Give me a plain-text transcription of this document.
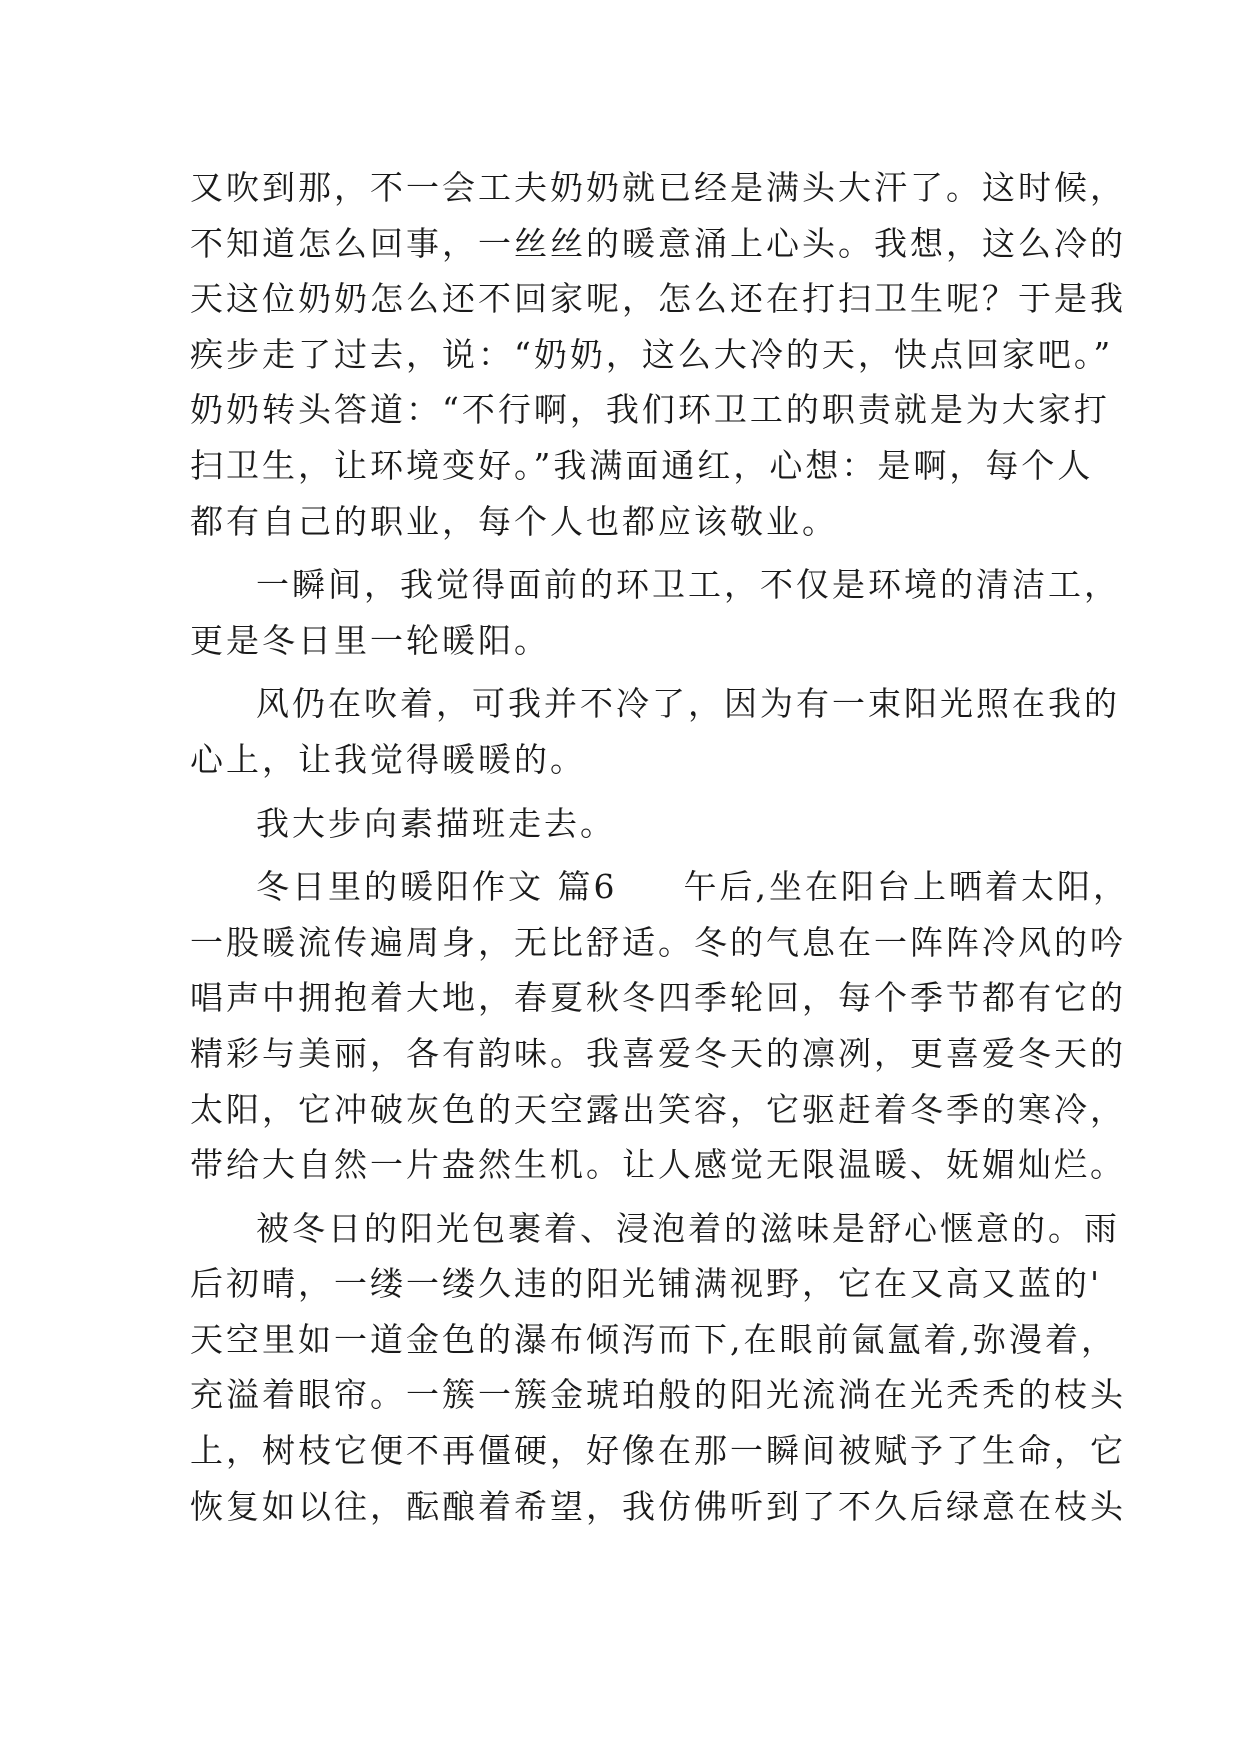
又吹到那，不一会工夫奶奶就已经是满头大汗了。这时候，
不知道怎么回事，一丝丝的暖意涌上心头。我想，这么冷的
天这位奶奶怎么还不回家呢，怎么还在打扫卫生呢？于是我
疾步走了过去，说：“奶奶，这么大冷的天，快点回家吧。”
奶奶转头答道：“不行啊，我们环卫工的职责就是为大家打
扫卫生，让环境变好。”我满面通红，心想：是啊，每个人
都有自己的职业，每个人也都应该敬业。
一瞬间，我觉得面前的环卫工，不仅是环境的清洁工，
更是冬日里一轮暖阳。
风仍在吹着，可我并不冷了，因为有一束阳光照在我的
心上，让我觉得暖暖的。
我大步向素描班走去。
冬日里的暖阳作文 篇6 午后,坐在阳台上晒着太阳，
一股暖流传遍周身，无比舒适。冬的气息在一阵阵冷风的吟
唱声中拥抱着大地，春夏秋冬四季轮回，每个季节都有它的
精彩与美丽，各有韵味。我喜爱冬天的凛冽，更喜爱冬天的
太阳，它冲破灰色的天空露出笑容，它驱赶着冬季的寒冷，
带给大自然一片盎然生机。让人感觉无限温暖、妩媚灿烂。
被冬日的阳光包裹着、浸泡着的滋味是舒心惬意的。雨
后初晴，一缕一缕久违的阳光铺满视野，它在又高又蓝的'
天空里如一道金色的瀑布倾泻而下,在眼前氤氲着,弥漫着，
充溢着眼帘。一簇一簇金琥珀般的阳光流淌在光秃秃的枝头
上，树枝它便不再僵硬，好像在那一瞬间被赋予了生命，它
恢复如以往，酝酿着希望，我仿佛听到了不久后绿意在枝头
